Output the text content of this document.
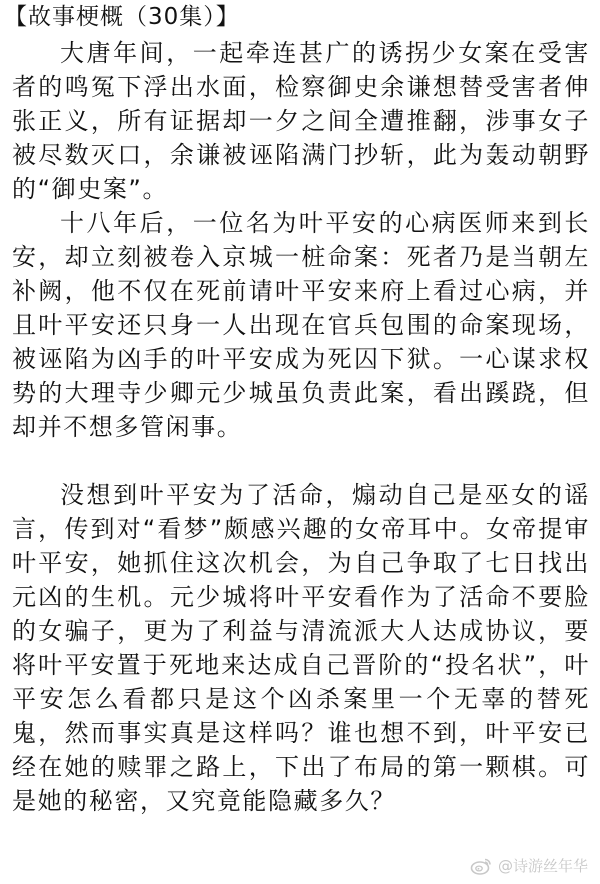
【故事梗概（30集）】

大唐年间，一起牵连甚广的诱拐少女案在受害者的鸣冤下浮出水面，检察御史余谦想替受害者伸张正义，所有证据却一夕之间全遭推翻，涉事女子被尽数灭口，余谦被诬陷满门抄斩，此为轰动朝野的“御史案”。

十八年后，一位名为叶平安的心病医师来到长安，却立刻被卷入京城一桩命案：死者乃是当朝左补阙，他不仅在死前请叶平安来府上看过心病，并且叶平安还只身一人出现在官兵包围的命案现场，被诬陷为凶手的叶平安成为死囚下狱。一心谋求权势的大理寺少卿元少城虽负责此案，看出蹊跷，但却并不想多管闲事。

没想到叶平安为了活命，煽动自己是巫女的谣言，传到对“看梦”颇感兴趣的女帝耳中。女帝提审叶平安，她抓住这次机会，为自己争取了七日找出元凶的生机。元少城将叶平安看作为了活命不要脸的女骗子，更为了利益与清流派大人达成协议，要将叶平安置于死地来达成自己晋阶的“投名状”，叶平安怎么看都只是这个凶杀案里一个无辜的替死鬼，然而事实真是这样吗？谁也想不到，叶平安已经在她的赎罪之路上，下出了布局的第一颗棋。可是她的秘密，又究竟能隐藏多久？

@诗游丝年华
